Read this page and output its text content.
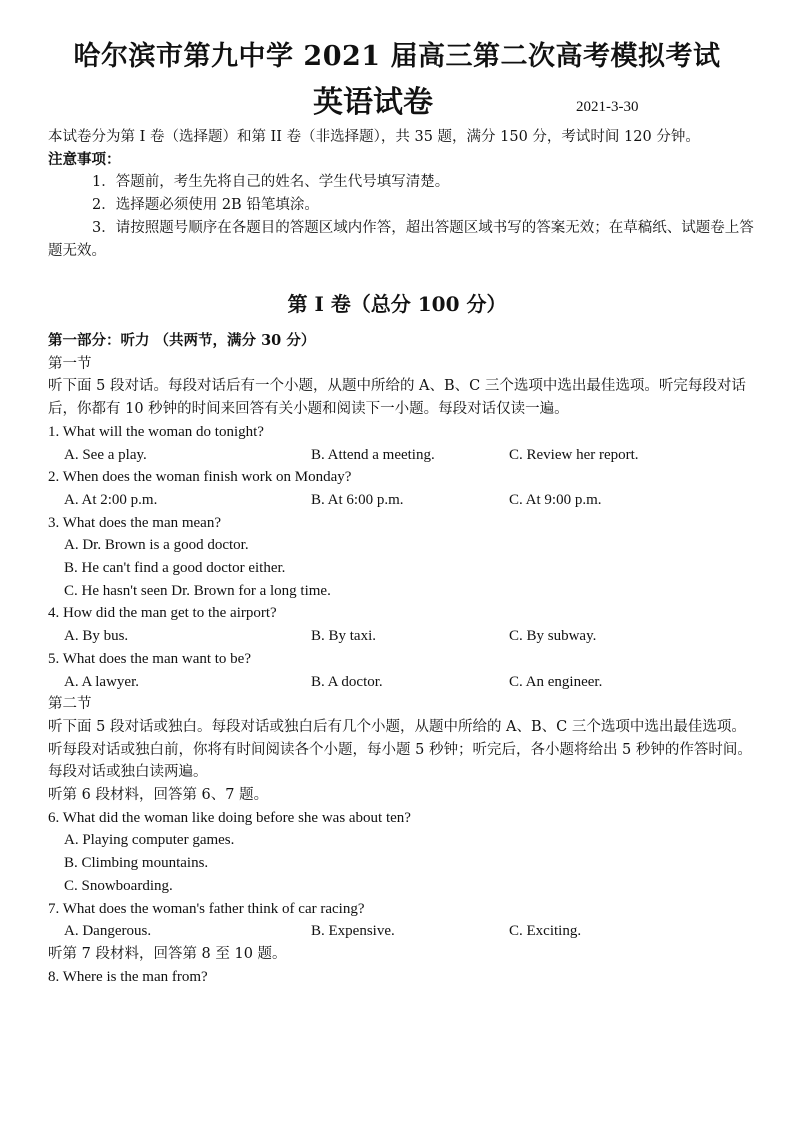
哈尔滨市第九中学 2021 届高三第二次高考模拟考试
英语试卷	2021-3-30
本试卷分为第 I 卷（选择题）和第 II 卷（非选择题），共 35 题，满分 150 分，考试时间 120 分钟。
注意事项：
1．答题前，考生先将自己的姓名、学生代号填写清楚。
2．选择题必须使用 2B 铅笔填涂。
3．请按照题号顺序在各题目的答题区域内作答，超出答题区域书写的答案无效；在草稿纸、试题卷上答题无效。
第 I 卷（总分 100 分）
第一部分：听力 （共两节，满分 30 分）
第一节
听下面 5 段对话。每段对话后有一个小题，从题中所给的 A、B、C 三个选项中选出最佳选项。听完每段对话后，你都有 10 秒钟的时间来回答有关小题和阅读下一小题。每段对话仅读一遍。
1. What will the woman do tonight?
A. See a play.	B. Attend a meeting.	C. Review her report.
2. When does the woman finish work on Monday?
A. At 2:00 p.m.	B. At 6:00 p.m.	C. At 9:00 p.m.
3. What does the man mean?
A. Dr. Brown is a good doctor.
B. He can't find a good doctor either.
C. He hasn't seen Dr. Brown for a long time.
4. How did the man get to the airport?
A. By bus.	B. By taxi.	C. By subway.
5. What does the man want to be?
A. A lawyer.	B. A doctor.	C. An engineer.
第二节
听下面 5 段对话或独白。每段对话或独白后有几个小题，从题中所给的 A、B、C 三个选项中选出最佳选项。听每段对话或独白前，你将有时间阅读各个小题，每小题 5 秒钟；听完后，各小题将给出 5 秒钟的作答时间。每段对话或独白读两遍。
听第 6 段材料，回答第 6、7 题。
6. What did the woman like doing before she was about ten?
A. Playing computer games.
B. Climbing mountains.
C. Snowboarding.
7. What does the woman's father think of car racing?
A. Dangerous.	B. Expensive.	C. Exciting.
听第 7 段材料，回答第 8 至 10 题。
8. Where is the man from?
